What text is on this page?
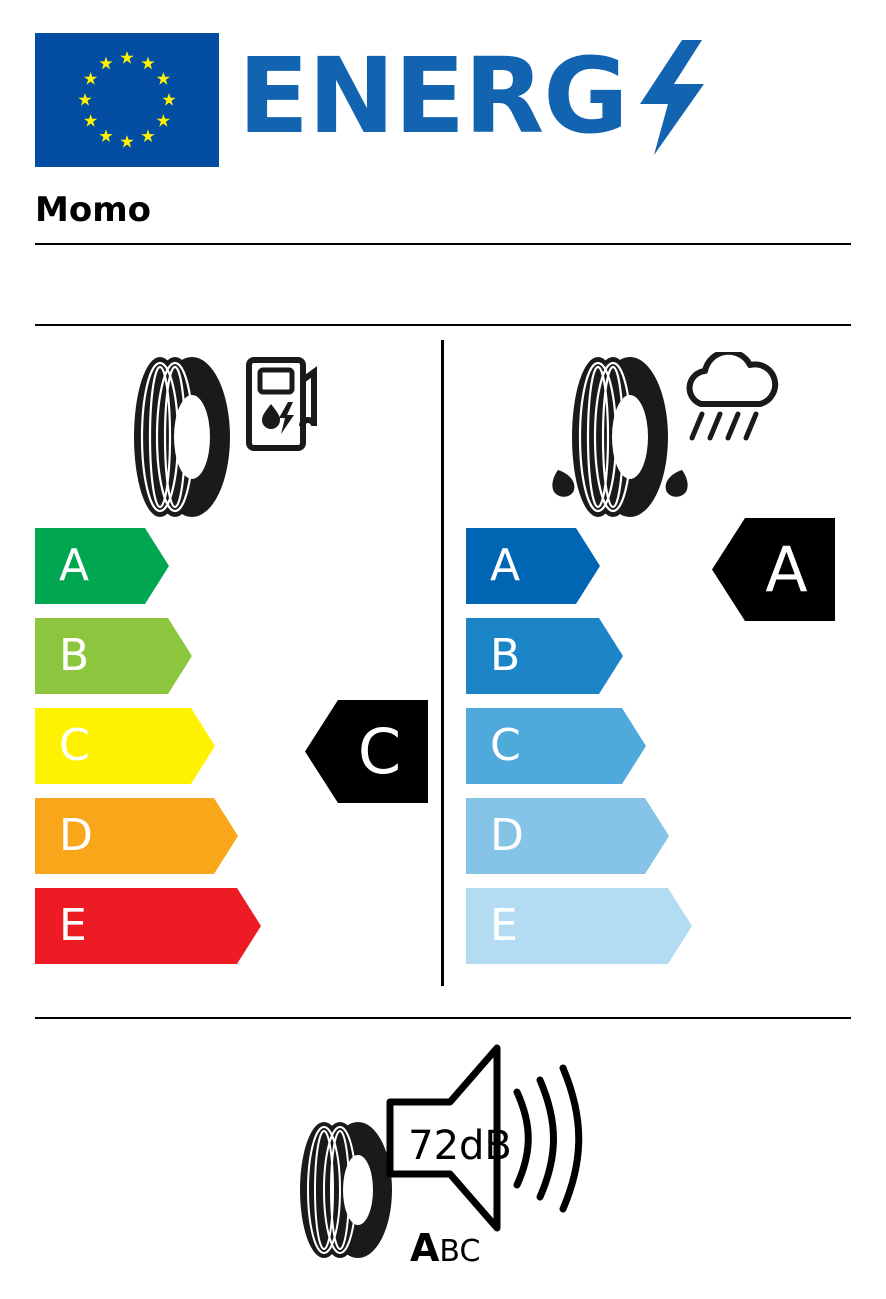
ENERG
Momo
A
B
C
D
E
A
B
C
D
E
C
A
72dB
ABC
